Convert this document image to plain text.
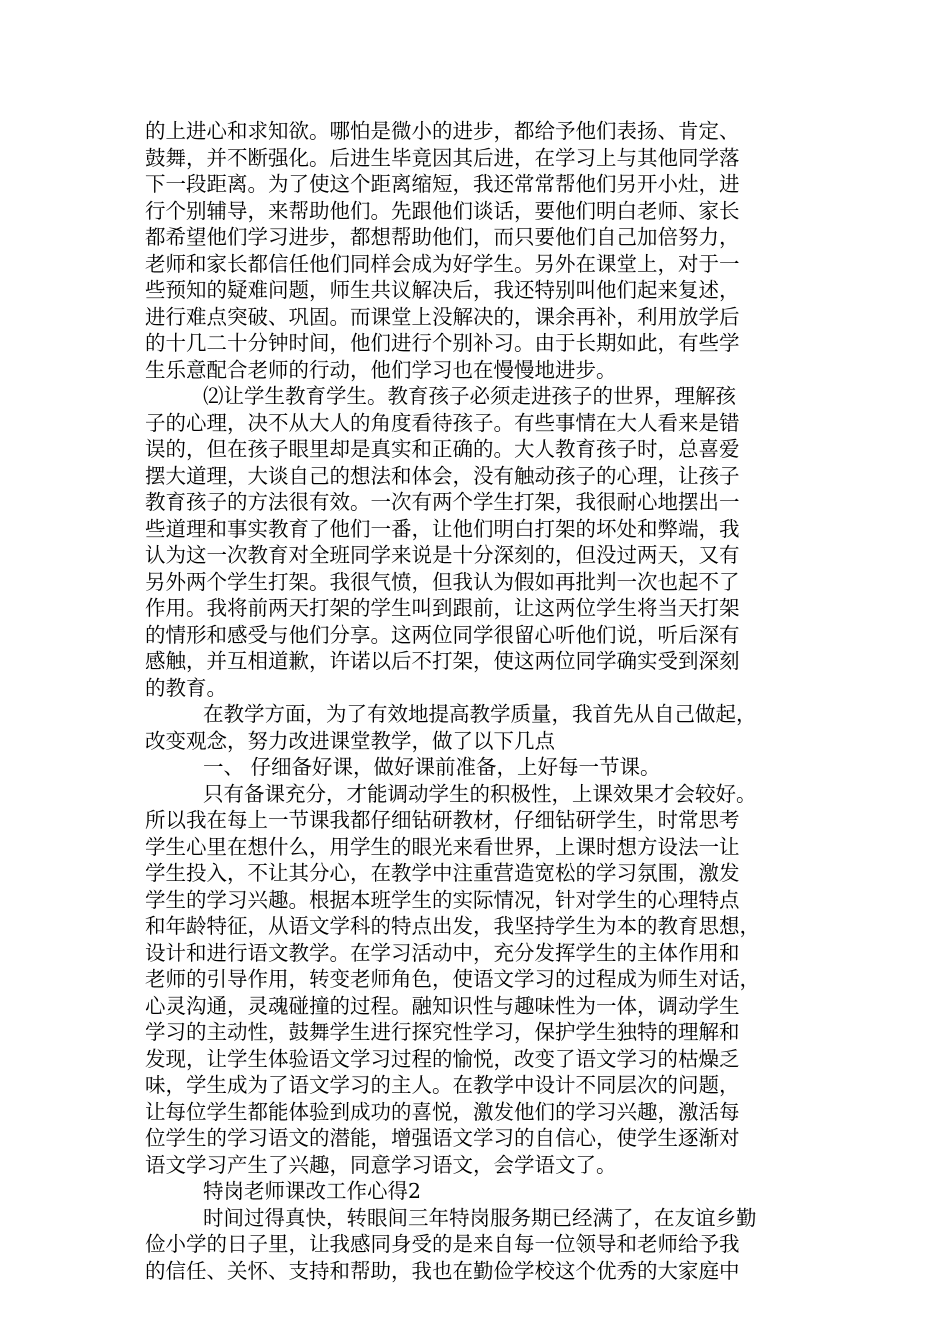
的上进心和求知欲。哪怕是微小的进步，都给予他们表扬、肯定、
鼓舞，并不断强化。后进生毕竟因其后进，在学习上与其他同学落
下一段距离。为了使这个距离缩短，我还常常帮他们另开小灶，进
行个别辅导，来帮助他们。先跟他们谈话，要他们明白老师、家长
都希望他们学习进步，都想帮助他们，而只要他们自己加倍努力，
老师和家长都信任他们同样会成为好学生。另外在课堂上，对于一
些预知的疑难问题，师生共议解决后，我还特别叫他们起来复述，
进行难点突破、巩固。而课堂上没解决的，课余再补，利用放学后
的十几二十分钟时间，他们进行个别补习。由于长期如此，有些学
生乐意配合老师的行动，他们学习也在慢慢地进步。
⑵让学生教育学生。教育孩子必须走进孩子的世界，理解孩
子的心理，决不从大人的角度看待孩子。有些事情在大人看来是错
误的，但在孩子眼里却是真实和正确的。大人教育孩子时，总喜爱
摆大道理，大谈自己的想法和体会，没有触动孩子的心理，让孩子
教育孩子的方法很有效。一次有两个学生打架，我很耐心地摆出一
些道理和事实教育了他们一番，让他们明白打架的坏处和弊端，我
认为这一次教育对全班同学来说是十分深刻的，但没过两天，又有
另外两个学生打架。我很气愤，但我认为假如再批判一次也起不了
作用。我将前两天打架的学生叫到跟前，让这两位学生将当天打架
的情形和感受与他们分享。这两位同学很留心听他们说，听后深有
感触，并互相道歉，许诺以后不打架，使这两位同学确实受到深刻
的教育。
在教学方面，为了有效地提高教学质量，我首先从自己做起，
改变观念，努力改进课堂教学，做了以下几点
一、 仔细备好课，做好课前准备，上好每一节课。
只有备课充分，才能调动学生的积极性，上课效果才会较好。
所以我在每上一节课我都仔细钻研教材，仔细钻研学生，时常思考
学生心里在想什么，用学生的眼光来看世界，上课时想方设法一让
学生投入，不让其分心，在教学中注重营造宽松的学习氛围，激发
学生的学习兴趣。根据本班学生的实际情况，针对学生的心理特点
和年龄特征，从语文学科的特点出发，我坚持学生为本的教育思想，
设计和进行语文教学。在学习活动中，充分发挥学生的主体作用和
老师的引导作用，转变老师角色，使语文学习的过程成为师生对话，
心灵沟通，灵魂碰撞的过程。融知识性与趣味性为一体，调动学生
学习的主动性，鼓舞学生进行探究性学习，保护学生独特的理解和
发现，让学生体验语文学习过程的愉悦，改变了语文学习的枯燥乏
味，学生成为了语文学习的主人。在教学中设计不同层次的问题，
让每位学生都能体验到成功的喜悦，激发他们的学习兴趣，激活每
位学生的学习语文的潜能，增强语文学习的自信心，使学生逐渐对
语文学习产生了兴趣，同意学习语文，会学语文了。
特岗老师课改工作心得2
时间过得真快，转眼间三年特岗服务期已经满了，在友谊乡勤
俭小学的日子里，让我感同身受的是来自每一位领导和老师给予我
的信任、关怀、支持和帮助，我也在勤俭学校这个优秀的大家庭中
